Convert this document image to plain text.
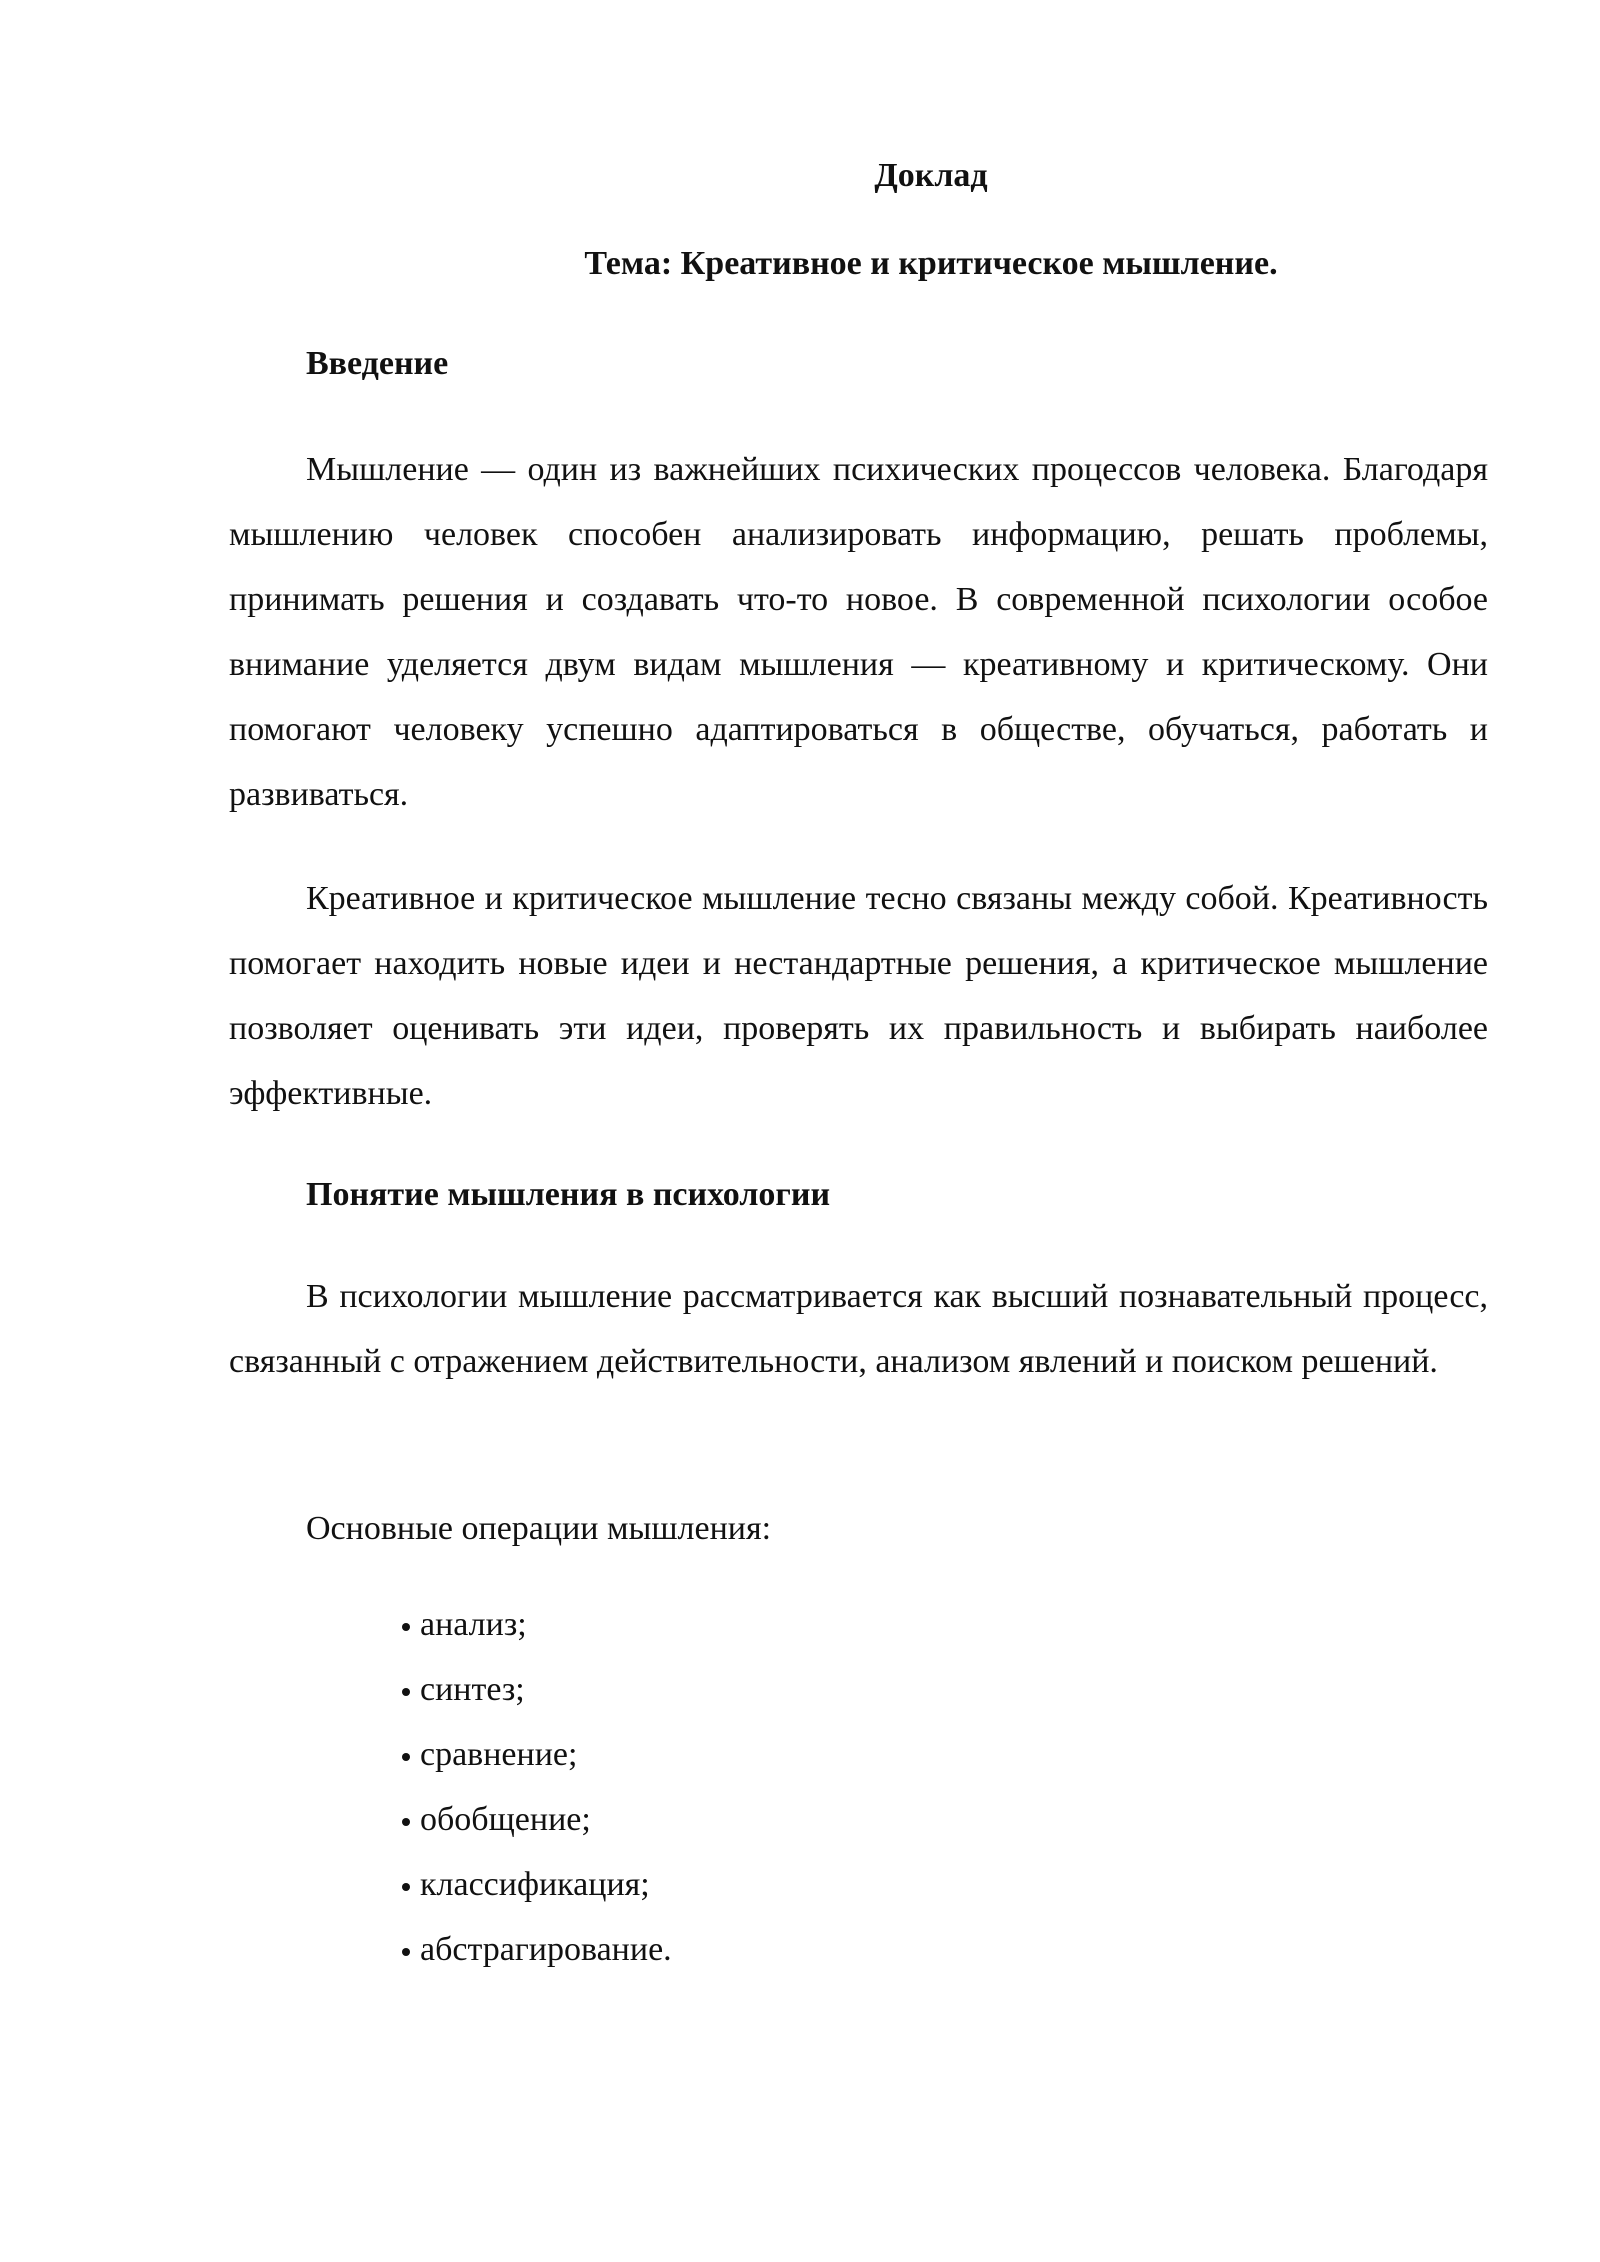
Доклад
Тема: Креативное и критическое мышление.
Введение

Мышление — один из важнейших психических процессов человека. Благодаря мышлению человек способен анализировать информацию, решать проблемы, принимать решения и создавать что-то новое. В современной психологии особое внимание уделяется двум видам мышления — креативному и критическому. Они помогают человеку успешно адаптироваться в обществе, обучаться, работать и развиваться.

Креативное и критическое мышление тесно связаны между собой. Креативность помогает находить новые идеи и нестандартные решения, а критическое мышление позволяет оценивать эти идеи, проверять их правильность и выбирать наиболее эффективные.

Понятие мышления в психологии

В психологии мышление рассматривается как высший познавательный процесс, связанный с отражением действительности, анализом явлений и поиском решений.

Основные операции мышления:
анализ;
синтез;
сравнение;
обобщение;
классификация;
абстрагирование.
